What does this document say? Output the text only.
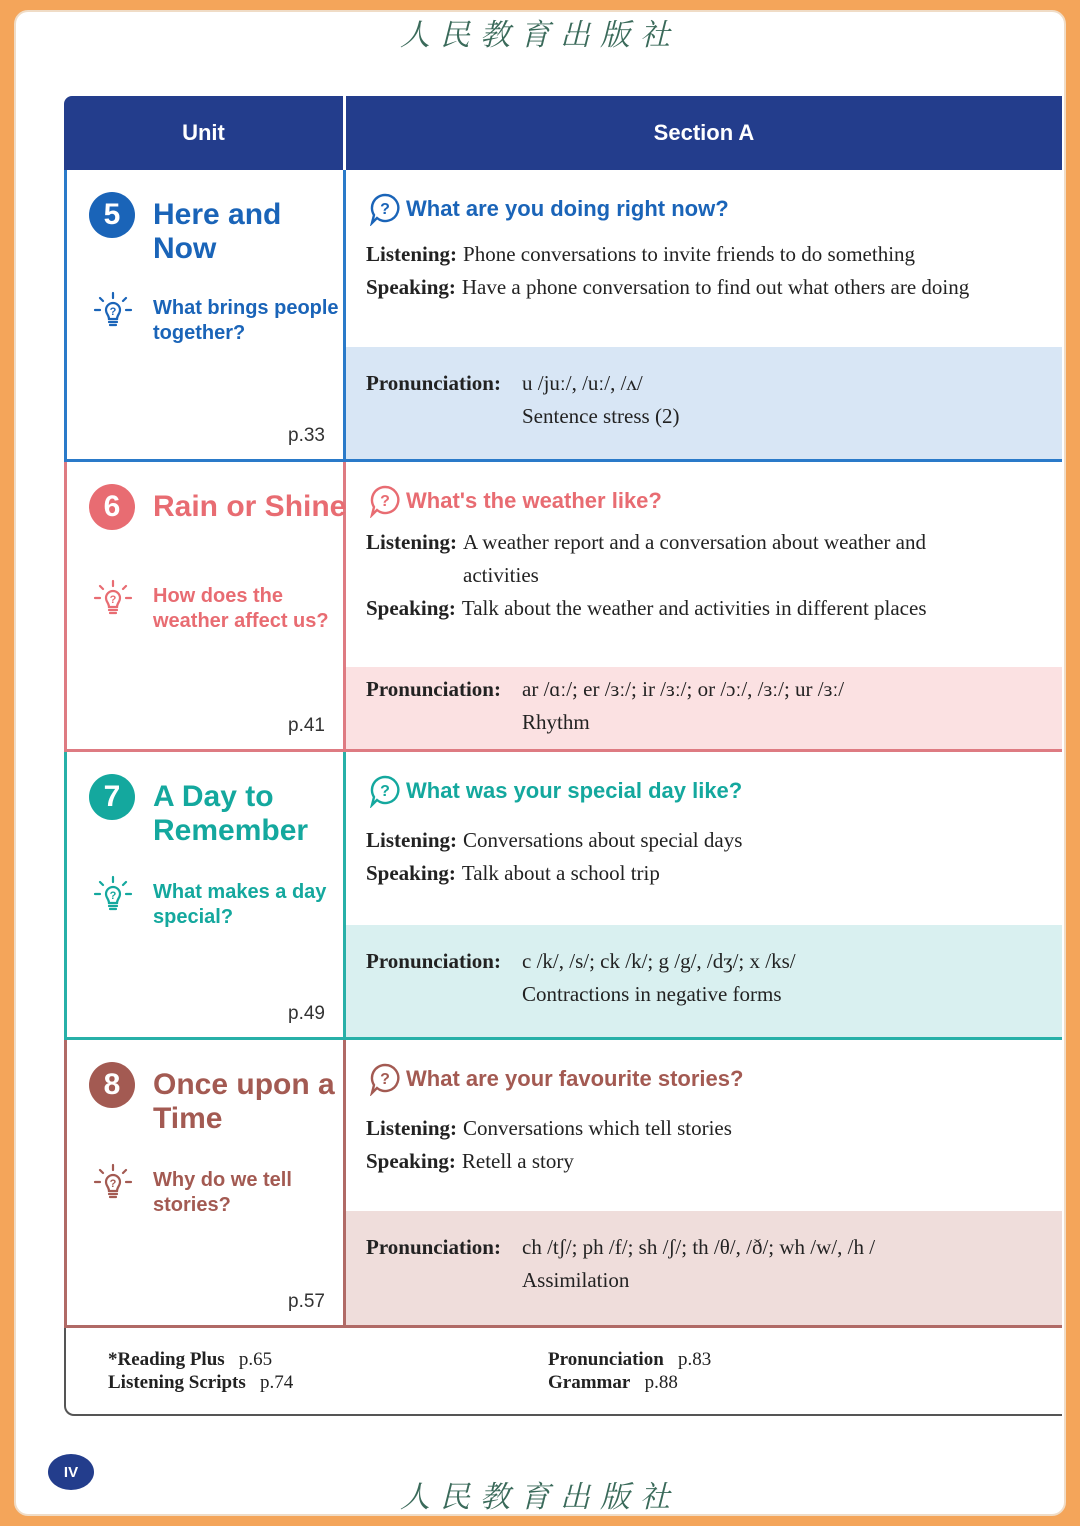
人民教育出版社
Unit	Section A
5	Here and Now
? What brings people together?
p.33
? What are you doing right now?
Listening: Phone conversations to invite friends to do something
Speaking: Have a phone conversation to find out what others are doing
Pronunciation:	u /juː/, /uː/, /ʌ/
Sentence stress (2)
6	Rain or Shine
? How does the weather affect us?
p.41
? What's the weather like?
Listening: A weather report and a conversation about weather and activities
Speaking: Talk about the weather and activities in different places
Pronunciation:	ar /ɑː/; er /ɜː/; ir /ɜː/; or /ɔː/, /ɜː/; ur /ɜː/
Rhythm
7	A Day to Remember
? What makes a day special?
p.49
? What was your special day like?
Listening: Conversations about special days
Speaking: Talk about a school trip
Pronunciation:	c /k/, /s/; ck /k/; g /g/, /dʒ/; x /ks/
Contractions in negative forms
8	Once upon a Time
? Why do we tell stories?
p.57
? What are your favourite stories?
Listening: Conversations which tell stories
Speaking: Retell a story
Pronunciation:	ch /tʃ/; ph /f/; sh /ʃ/; th /θ/, /ð/; wh /w/, /h /
Assimilation
*Reading Plus p.65
Listening Scripts p.74
Pronunciation p.83
Grammar p.88
IV
人民教育出版社
